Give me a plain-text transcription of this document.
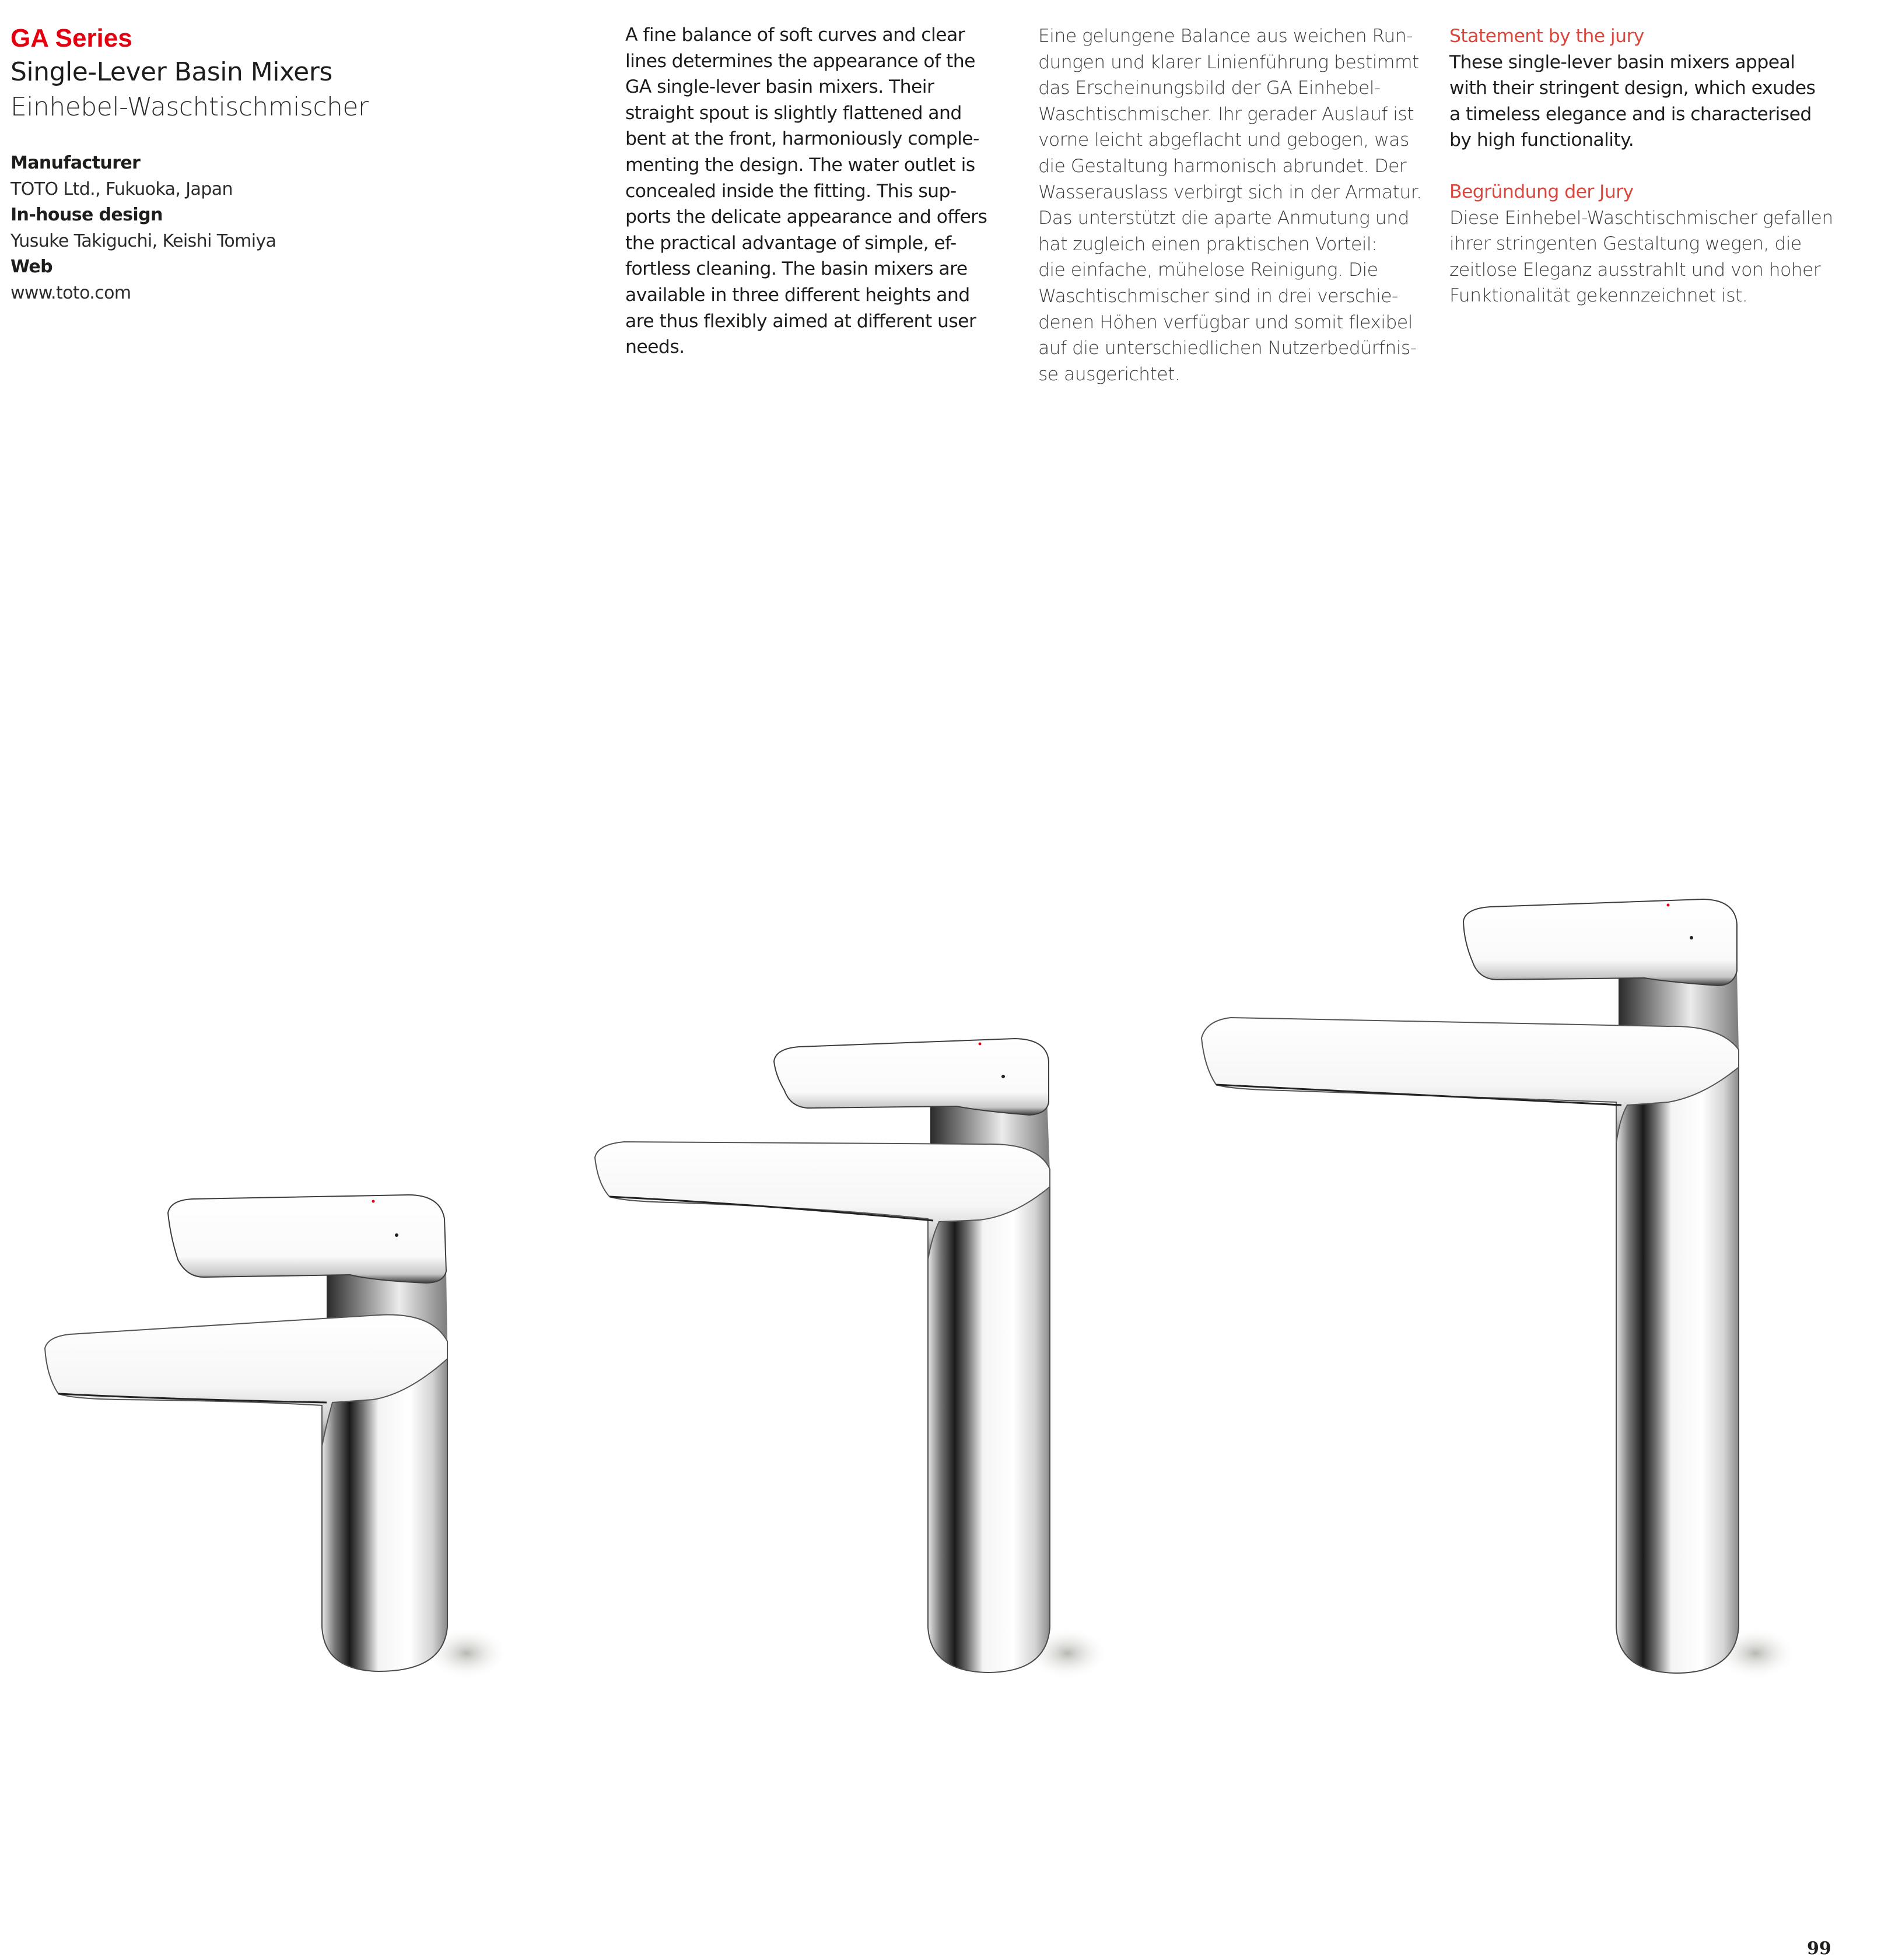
GA Series
Single-Lever Basin Mixers
Einhebel-Waschtischmischer
Manufacturer
TOTO Ltd., Fukuoka, Japan
In-house design
Yusuke Takiguchi, Keishi Tomiya
Web
www.toto.com

A fine balance of soft curves and clear
lines determines the appearance of the
GA single-lever basin mixers. Their
straight spout is slightly flattened and
bent at the front, harmoniously comple-
menting the design. The water outlet is
concealed inside the fitting. This sup-
ports the delicate appearance and offers
the practical advantage of simple, ef-
fortless cleaning. The basin mixers are
available in three different heights and
are thus flexibly aimed at different user
needs.

Eine gelungene Balance aus weichen Run-
dungen und klarer Linienführung bestimmt
das Erscheinungsbild der GA Einhebel-
Waschtischmischer. Ihr gerader Auslauf ist
vorne leicht abgeflacht und gebogen, was
die Gestaltung harmonisch abrundet. Der
Wasserauslass verbirgt sich in der Armatur.
Das unterstützt die aparte Anmutung und
hat zugleich einen praktischen Vorteil:
die einfache, mühelose Reinigung. Die
Waschtischmischer sind in drei verschie-
denen Höhen verfügbar und somit flexibel
auf die unterschiedlichen Nutzerbedürfnis-
se ausgerichtet.

Statement by the jury
These single-lever basin mixers appeal
with their stringent design, which exudes
a timeless elegance and is characterised
by high functionality.
Begründung der Jury
Diese Einhebel-Waschtischmischer gefallen
ihrer stringenten Gestaltung wegen, die
zeitlose Eleganz ausstrahlt und von hoher
Funktionalität gekennzeichnet ist.
99
